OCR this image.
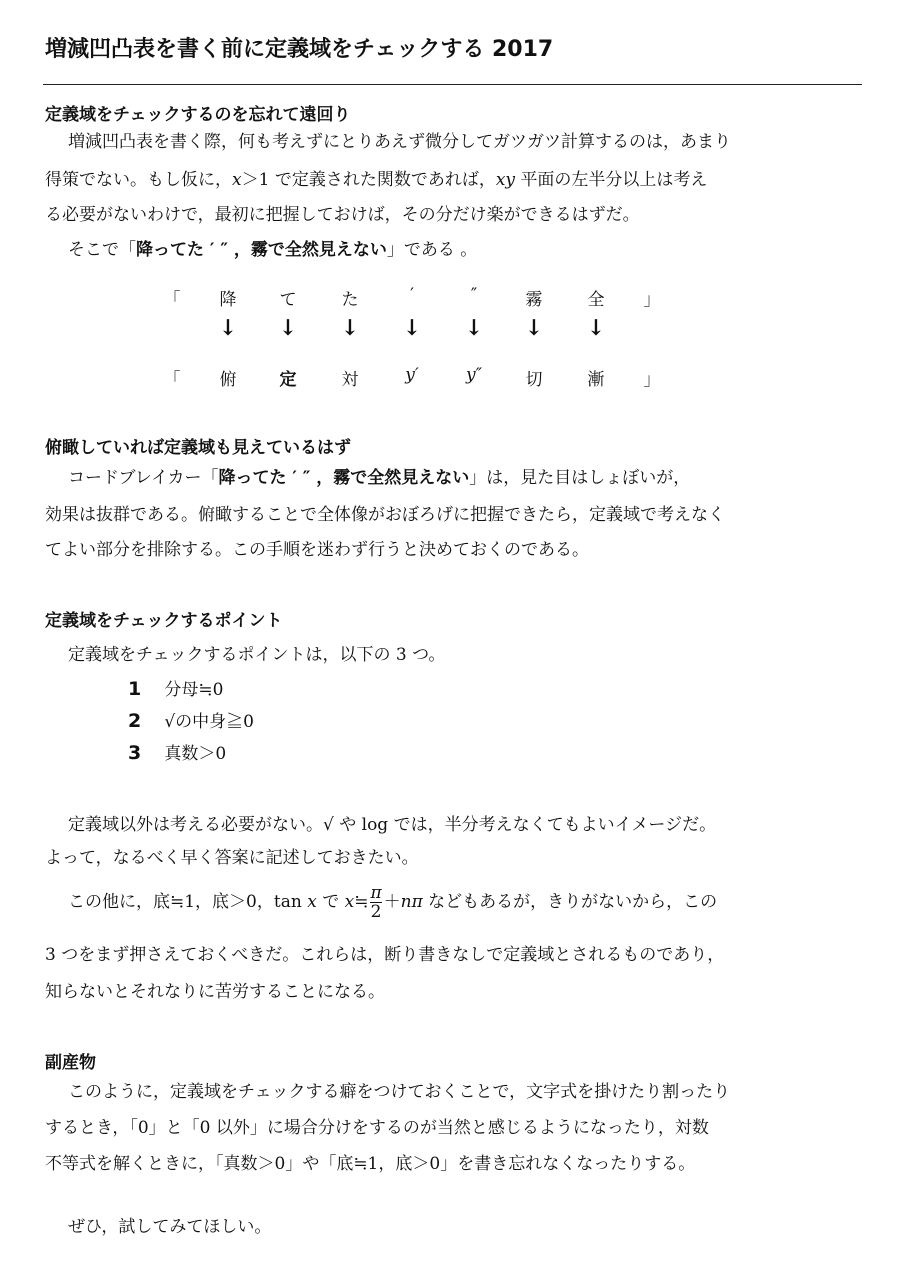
増減凹凸表を書く前に定義域をチェックする 2017
定義域をチェックするのを忘れて遠回り
増減凹凸表を書く際，何も考えずにとりあえず微分してガツガツ計算するのは，あまり
得策でない。もし仮に，x＞1 で定義された関数であれば，xy 平面の左半分以上は考え
る必要がないわけで，最初に把握しておけば，その分だけ楽ができるはずだ。
そこで「降ってた ′ ″ ，霧で全然見えない」である 。
「	降	て	た	′	″	霧	全	」
↓	↓	↓	↓	↓	↓	↓
「	俯	定	対	y′	y″	切	漸	」
俯瞰していれば定義域も見えているはず
コードブレイカー「降ってた ′ ″ ，霧で全然見えない」は，見た目はしょぼいが，
効果は抜群である。俯瞰することで全体像がおぼろげに把握できたら，定義域で考えなく
てよい部分を排除する。この手順を迷わず行うと決めておくのである。
定義域をチェックするポイント
定義域をチェックするポイントは，以下の 3 つ。
1 分母≒0
2 √の中身≧0
3 真数＞0
定義域以外は考える必要がない。√ や log では，半分考えなくてもよいイメージだ。
よって，なるべく早く答案に記述しておきたい。
この他に，底≒1，底＞0，tan x で x≒ $\frac{\pi}{2} +n\pi$ などもあるが，きりがないから，この
3 つをまず押さえておくべきだ。これらは，断り書きなしで定義域とされるものであり，
知らないとそれなりに苦労することになる。
副産物
このように，定義域をチェックする癖をつけておくことで，文字式を掛けたり割ったり
するとき，「0」と「0 以外」に場合分けをするのが当然と感じるようになったり，対数
不等式を解くときに，「真数＞0」や「底≒1，底＞0」を書き忘れなくなったりする。
ぜひ，試してみてほしい。
